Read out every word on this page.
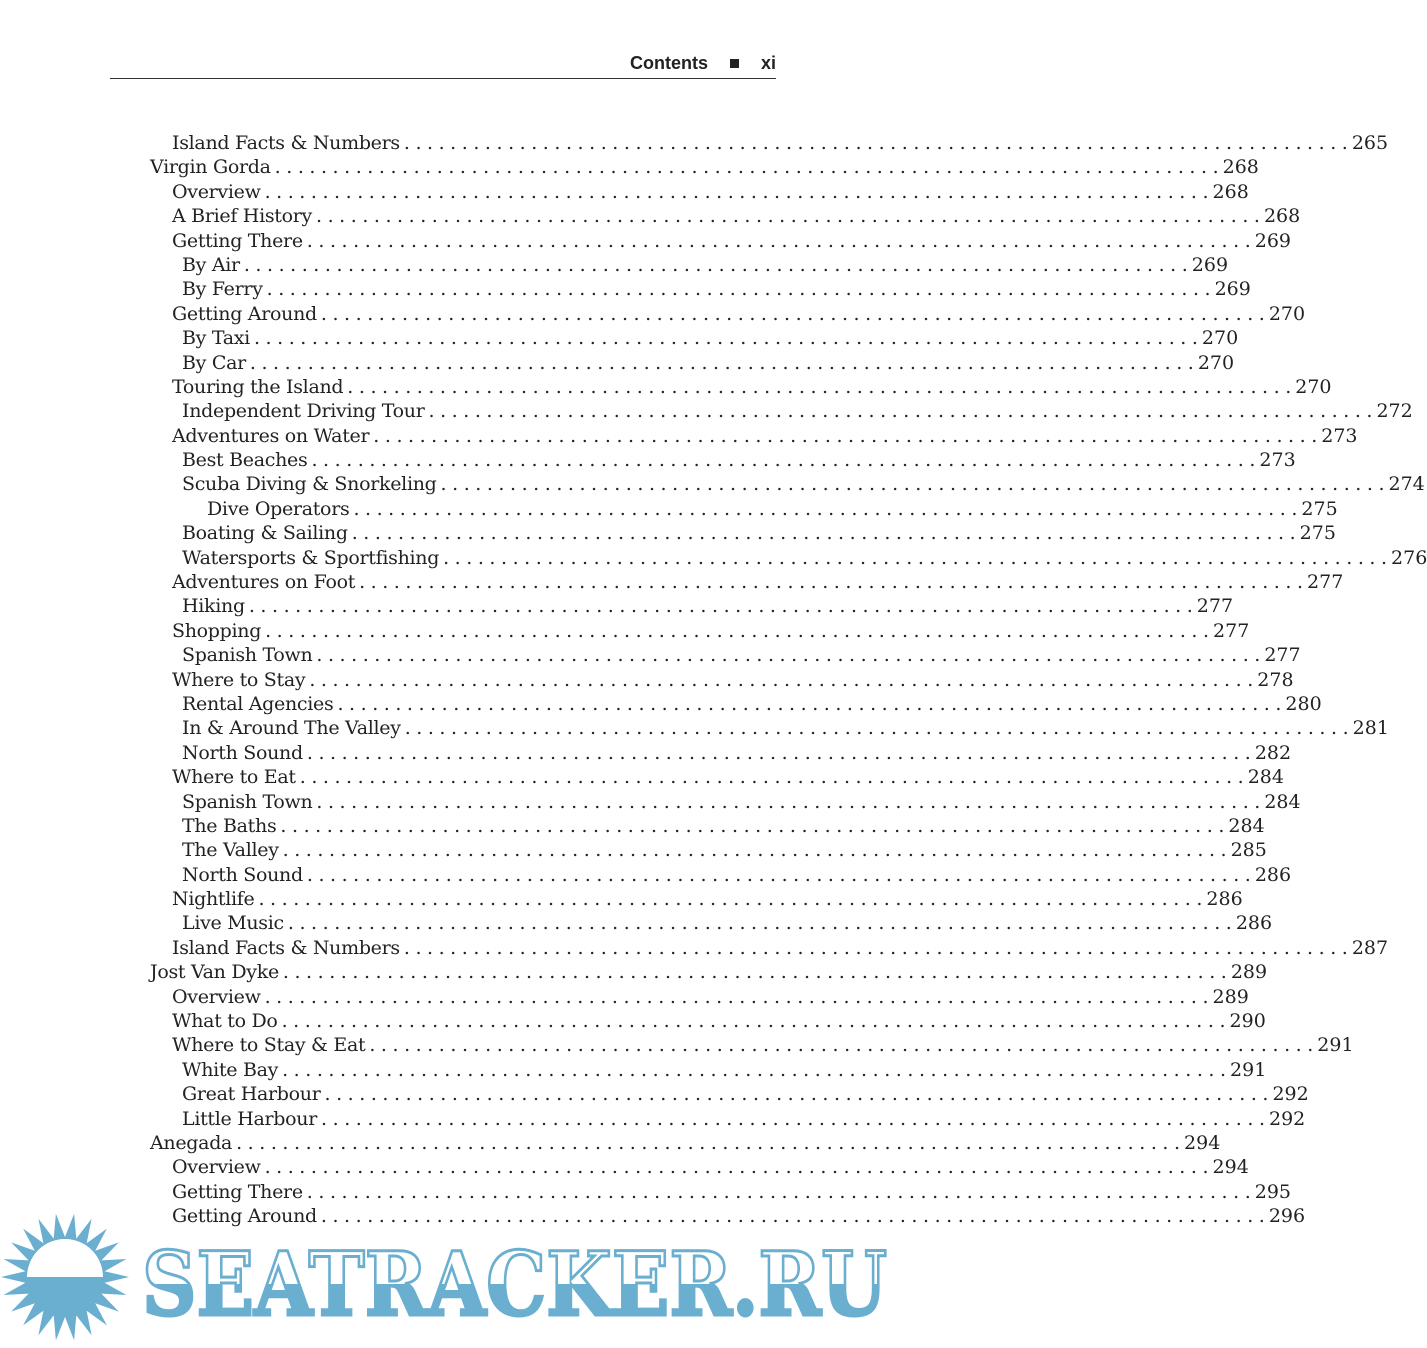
Contents	xi
Island Facts & Numbers . . .	265
Virgin Gorda . . .	268
Overview . . .	268
A Brief History . . .	268
Getting There . . .	269
By Air . . .	269
By Ferry . . .	269
Getting Around . . .	270
By Taxi . . .	270
By Car . . .	270
Touring the Island . . .	270
Independent Driving Tour . . .	272
Adventures on Water . . .	273
Best Beaches . . .	273
Scuba Diving & Snorkeling . . .	274
Dive Operators . . .	275
Boating & Sailing . . .	275
Watersports & Sportfishing . . .	276
Adventures on Foot . . .	277
Hiking . . .	277
Shopping . . .	277
Spanish Town . . .	277
Where to Stay . . .	278
Rental Agencies . . .	280
In & Around The Valley . . .	281
North Sound . . .	282
Where to Eat . . .	284
Spanish Town . . .	284
The Baths . . .	284
The Valley . . .	285
North Sound . . .	286
Nightlife . . .	286
Live Music . . .	286
Island Facts & Numbers . . .	287
Jost Van Dyke . . .	289
Overview . . .	289
What to Do . . .	290
Where to Stay & Eat . . .	291
White Bay . . .	291
Great Harbour . . .	292
Little Harbour . . .	292
Anegada . . .	294
Overview . . .	294
Getting There . . .	295
Getting Around . . .	296
SEATRACKER.RU
